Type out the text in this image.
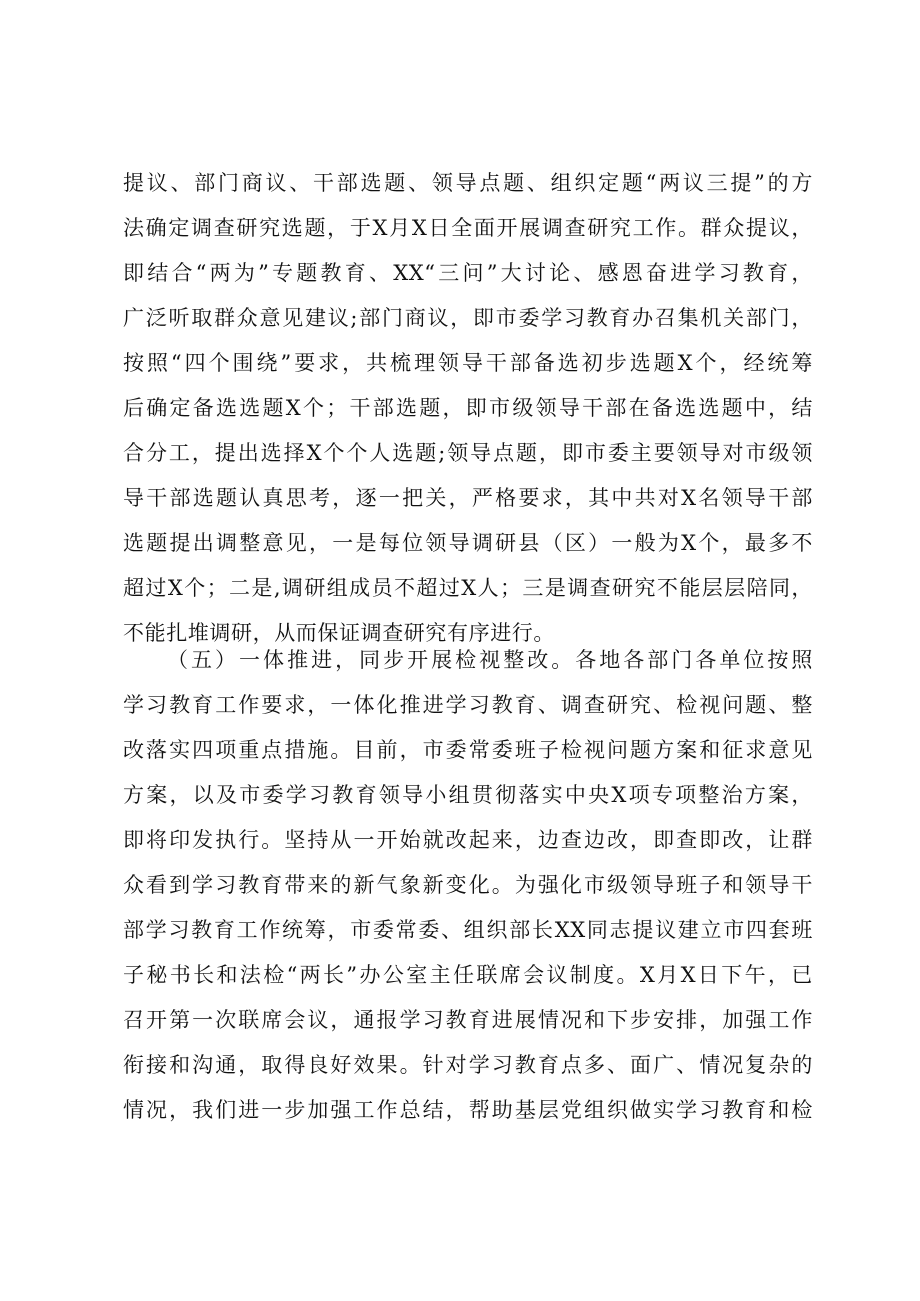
提议、部门商议、干部选题、领导点题、组织定题“两议三提”的方
法确定调查研究选题，于X月X日全面开展调查研究工作。群众提议，
即结合“两为”专题教育、XX“三问”大讨论、感恩奋进学习教育，
广泛听取群众意见建议;部门商议，即市委学习教育办召集机关部门，
按照“四个围绕”要求，共梳理领导干部备选初步选题X个，经统筹
后确定备选选题X个；干部选题，即市级领导干部在备选选题中，结
合分工，提出选择X个个人选题;领导点题，即市委主要领导对市级领
导干部选题认真思考，逐一把关，严格要求，其中共对X名领导干部
选题提出调整意见，一是每位领导调研县（区）一般为X个，最多不
超过X个；二是,调研组成员不超过X人；三是调查研究不能层层陪同，
不能扎堆调研，从而保证调查研究有序进行。
（五）一体推进，同步开展检视整改。各地各部门各单位按照
学习教育工作要求，一体化推进学习教育、调查研究、检视问题、整
改落实四项重点措施。目前，市委常委班子检视问题方案和征求意见
方案，以及市委学习教育领导小组贯彻落实中央X项专项整治方案，
即将印发执行。坚持从一开始就改起来，边查边改，即查即改，让群
众看到学习教育带来的新气象新变化。为强化市级领导班子和领导干
部学习教育工作统筹，市委常委、组织部长XX同志提议建立市四套班
子秘书长和法检“两长”办公室主任联席会议制度。X月X日下午，已
召开第一次联席会议，通报学习教育进展情况和下步安排，加强工作
衔接和沟通，取得良好效果。针对学习教育点多、面广、情况复杂的
情况，我们进一步加强工作总结，帮助基层党组织做实学习教育和检
